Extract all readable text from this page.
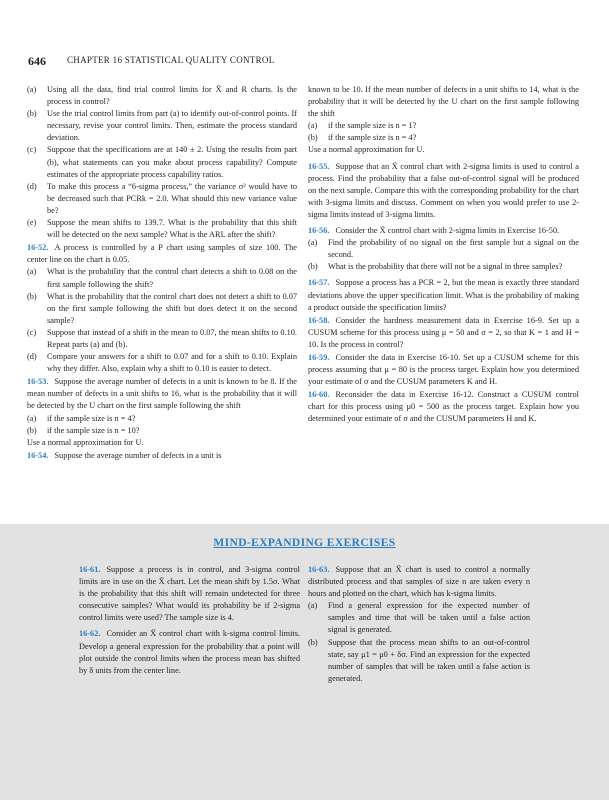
646 CHAPTER 16 STATISTICAL QUALITY CONTROL
(a)	Using all the data, find trial control limits for X̄ and R charts. Is the process in control?
(b)	Use the trial control limits from part (a) to identify out-of-control points. If necessary, revise your control limits. Then, estimate the process standard deviation.
(c)	Suppose that the specifications are at 140 ± 2. Using the results from part (b), what statements can you make about process capability? Compute estimates of the appropriate process capability ratios.
(d)	To make this process a “6-sigma process,” the variance σ² would have to be decreased such that PCRk = 2.0. What should this new variance value be?
(e)	Suppose the mean shifts to 139.7. What is the probability that this shift will be detected on the next sample? What is the ARL after the shift?
16-52. A process is controlled by a P chart using samples of size 100. The center line on the chart is 0.05.
(a)	What is the probability that the control chart detects a shift to 0.08 on the first sample following the shift?
(b)	What is the probability that the control chart does not detect a shift to 0.07 on the first sample following the shift but does detect it on the second sample?
(c)	Suppose that instead of a shift in the mean to 0.07, the mean shifts to 0.10. Repeat parts (a) and (b).
(d)	Compare your answers for a shift to 0.07 and for a shift to 0.10. Explain why they differ. Also, explain why a shift to 0.10 is easier to detect.
16-53. Suppose the average number of defects in a unit is known to be 8. If the mean number of defects in a unit shifts to 16, what is the probability that it will be detected by the U chart on the first sample following the shift
(a)	if the sample size is n = 4?
(b)	if the sample size is n = 10?
Use a normal approximation for U.
16-54. Suppose the average number of defects in a unit is
known to be 10. If the mean number of defects in a unit shifts to 14, what is the probability that it will be detected by the U chart on the first sample following the shift
(a)	if the sample size is n = 1?
(b)	if the sample size is n = 4?
Use a normal approximation for U.
16-55. Suppose that an X̄ control chart with 2-sigma limits is used to control a process. Find the probability that a false out-of-control signal will be produced on the next sample. Compare this with the corresponding probability for the chart with 3-sigma limits and discuss. Comment on when you would prefer to use 2-sigma limits instead of 3-sigma limits.
16-56. Consider the X̄ control chart with 2-sigma limits in Exercise 16-50.
(a)	Find the probability of no signal on the first sample but a signal on the second.
(b)	What is the probability that there will not be a signal in three samples?
16-57. Suppose a process has a PCR = 2, but the mean is exactly three standard deviations above the upper specification limit. What is the probability of making a product outside the specification limits?
16-58. Consider the hardness measurement data in Exercise 16-9. Set up a CUSUM scheme for this process using μ = 50 and σ = 2, so that K = 1 and H = 10. Is the process in control?
16-59. Consider the data in Exercise 16-10. Set up a CUSUM scheme for this process assuming that μ = 80 is the process target. Explain how you determined your estimate of σ and the CUSUM parameters K and H.
16-60. Reconsider the data in Exercise 16-12. Construct a CUSUM control chart for this process using μ0 = 500 as the process target. Explain how you determined your estimate of σ and the CUSUM parameters H and K.
MIND-EXPANDING EXERCISES
16-61. Suppose a process is in control, and 3-sigma control limits are in use on the X̄ chart. Let the mean shift by 1.5σ. What is the probability that this shift will remain undetected for three consecutive samples? What would its probability be if 2-sigma control limits were used? The sample size is 4.
16-62. Consider an X̄ control chart with k-sigma control limits. Develop a general expression for the probability that a point will plot outside the control limits when the process mean has shifted by δ units from the center line.
16-63. Suppose that an X̄ chart is used to control a normally distributed process and that samples of size n are taken every n hours and plotted on the chart, which has k-sigma limits.
(a)	Find a general expression for the expected number of samples and time that will be taken until a false action signal is generated.
(b)	Suppose that the process mean shifts to an out-of-control state, say μ1 = μ0 + δσ. Find an expression for the expected number of samples that will be taken until a false action is generated.
